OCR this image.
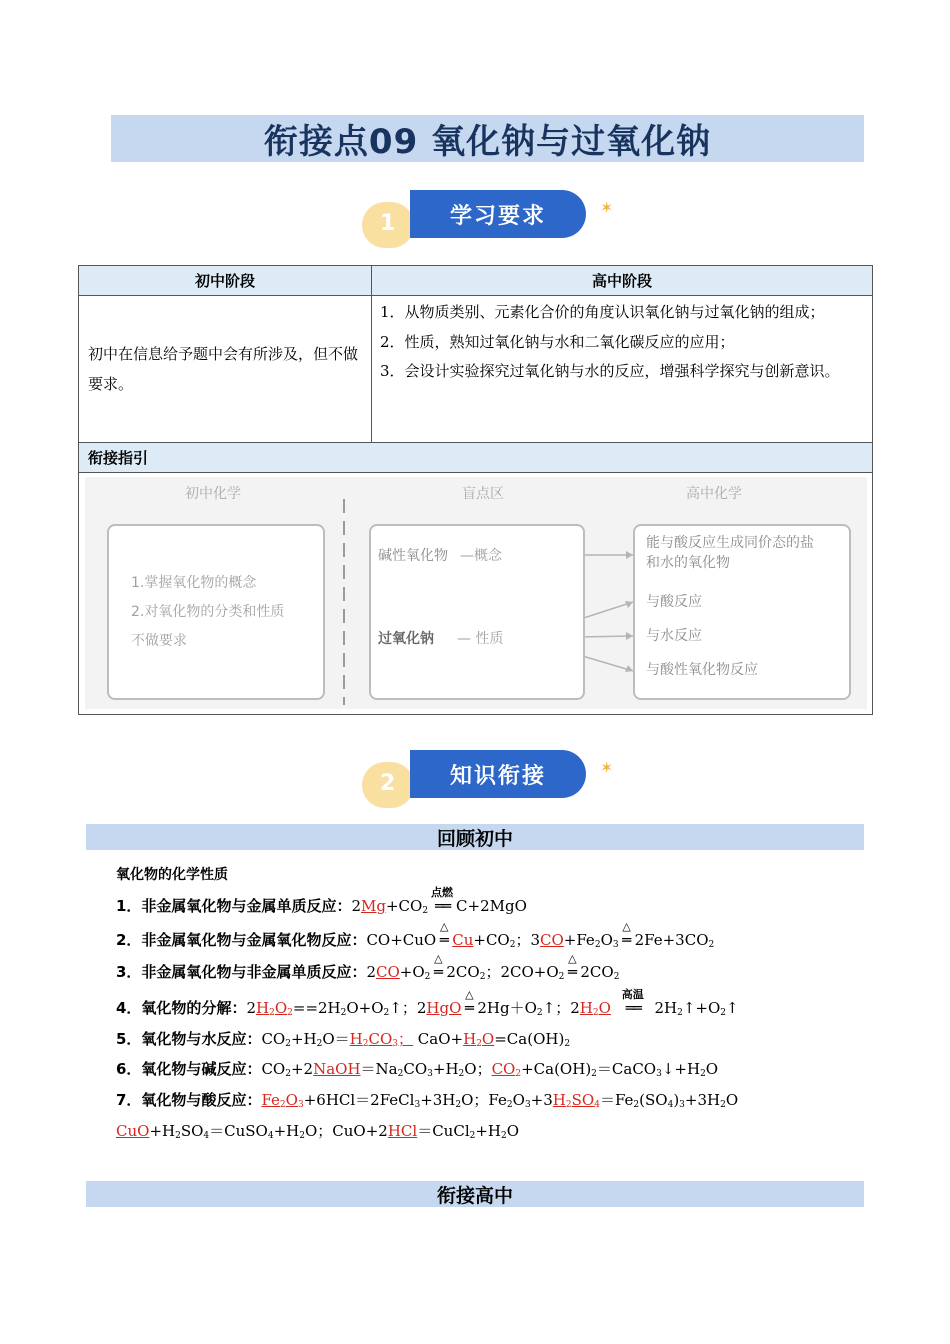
衔接点09 氧化钠与过氧化钠
1 学习要求	✶
初中阶段	高中阶段
初中在信息给予题中会有所涉及，但不做要求。
1．从物质类别、元素化合价的角度认识氧化钠与过氧化钠的组成；
2．性质，熟知过氧化钠与水和二氧化碳反应的应用；
3．会设计实验探究过氧化钠与水的反应，增强科学探究与创新意识。
衔接指引
初中化学	盲点区	高中化学
1.掌握氧化物的概念
2.对氧化物的分类和性质
不做要求
碱性氧化物 —概念
过氧化钠 — 性质
能与酸反应生成同价态的盐
和水的氧化物
与酸反应
与水反应
与酸性氧化物反应
2 知识衔接	✶
回顾初中
氧化物的化学性质
1．非金属氧化物与金属单质反应：$2Mg+CO_2$
点燃
══ C+2MgO
2．非金属氧化物与金属氧化物反应：CO+CuO
△
═ $Cu+CO_2$；$3CO+Fe_2O_3$
△
═ $2Fe+3CO_2$
3．非金属氧化物与非金属单质反应：$2CO+O_2$
△
═ $2CO_2$；$2CO+O_2$
△
═ $2CO_2$
4．氧化物的分解：$2H_2O_2==2H_2O+O_2↑$；2HgO
△
═ $2Hg+O_2↑$；$2H_2O$
高温
══ $2H_2↑+O_2↑$
5．氧化物与水反应：$CO_2+H_2O=H_2CO_3$； $CaO+H_2O=Ca(OH)_2$
6．氧化物与碱反应：$CO_2+2NaOH=Na_2CO_3+H_2O$；$CO_2+Ca(OH)_2=CaCO_3↓+H_2O$
7．氧化物与酸反应：$Fe_2O_3+6HCl=2FeCl_3+3H_2O$；$Fe_2O_3+3H_2SO_4=Fe_2(SO_4)_3+3H_2O$
$CuO+H_2SO_4=CuSO_4+H_2O$；$CuO+2HCl=CuCl_2+H_2O$
衔接高中
